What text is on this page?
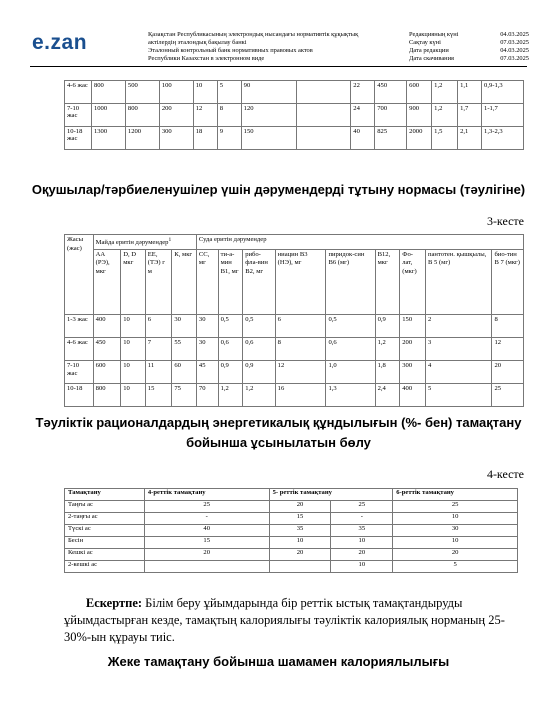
e.zan	Қазақстан Республикасының электрондық нысандағы нормативтік құқықтық
актілердің эталондық бақылау банкі
Эталонный контрольный банк нормативных правовых актов
Республики Казахстан в электронном виде
Редакцияның күні	04.03.2025
Сақтау күні	07.03.2025
Дата редакции	04.03.2025
Дата скачивания	07.03.2025
4-6 жас	800	500	100	10	5	90		22	450	600	1,2	1,1	0,9-1,3
7-10 жас	1000	800	200	12	8	120		24	700	900	1,2	1,7	1-1,7
10-18 жас	1300	1200	300	18	9	150		40	825	2000	1,5	2,1	1,3-2,3
Оқушылар/тәрбиеленушілер үшін дәрумендерді тұтыну нормасы (тәулігіне)
3-кесте
Жасы (жас)	Майда еритін дәрумендер$^1$				Суда еритін дәрумендер								
	АА (РЭ), мкг	D, D мкг	ЕЕ, (ТЭ) г м	К, мкг	СС, мг	ти-а-мин В1, мг	рибо-фла-вин В2, мг	ниацин В3 (НЭ), мг	пиридок-син В6 (мг)	В12, мкг	Фо-лат, (мкг)	пантотен. қышқылы, В 5 (мг)	био-тин В 7 (мкг)
1-3 жас	400	10	6	30	30	0,5	0,5	6	0,5	0,9	150	2	8
4-6 жас	450	10	7	55	30	0,6	0,6	8	0,6	1,2	200	3	12
7-10 жас	600	10	11	60	45	0,9	0,9	12	1,0	1,8	300	4	20
10-18	800	10	15	75	70	1,2	1,2	16	1,3	2,4	400	5	25
Тәуліктік рационалдардың энергетикалық құндылығын (%- бен) тамақтану
бойынша ұсынылатын бөлу
4-кесте
Тамақтану	4-реттік тамақтану	5- реттік тамақтану		6-реттік тамақтану
Таңғы ас	25	20	25	25
2-таңғы ас	-	15	-	10
Түскі ас	40	35	35	30
Бесін	15	10	10	10
Кешкі ас	20	20	20	20
2-кешкі ас			10	5
Ескертпе: Білім беру ұйымдарында бір реттік ыстық тамақтандыруды ұйымдастырған кезде, тамақтың калориялығы тәуліктік калориялық норманың 25-30%-ын құрауы тиіс.
Жеке тамақтану бойынша шамамен калориялылығы
